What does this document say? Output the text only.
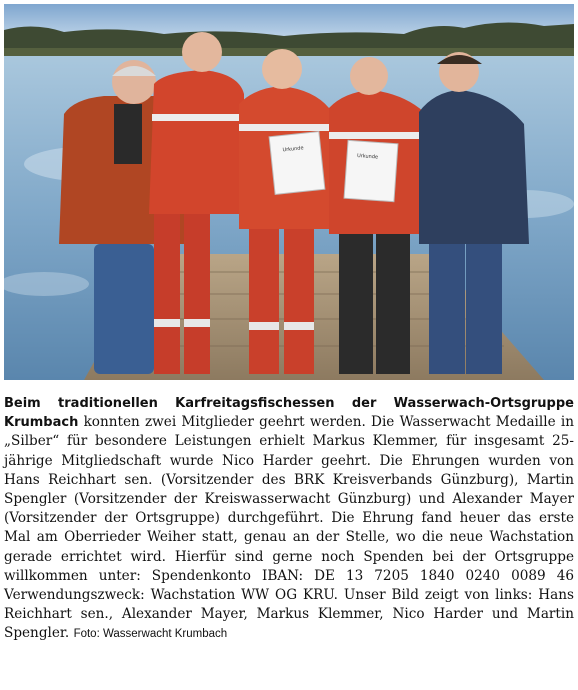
Urkunde
Urkunde
Beim traditionellen Karfreitagsfischessen der Wasserwach-Ortsgruppe Krumbach konnten zwei Mitglieder geehrt werden. Die Wasserwacht Medaille in „Silber“ für besondere Leistungen erhielt Markus Klemmer, für insgesamt 25-jährige Mitgliedschaft wurde Nico Harder geehrt. Die Ehrungen wurden von Hans Reichhart sen. (Vorsitzender des BRK Kreisverbands Günzburg), Martin Spengler (Vorsitzender der Kreiswasserwacht Günzburg) und Alexander Mayer (Vorsitzender der Ortsgruppe) durchgeführt. Die Ehrung fand heuer das erste Mal am Oberrieder Weiher statt, genau an der Stelle, wo die neue Wachstation gerade errichtet wird. Hierfür sind gerne noch Spenden bei der Ortsgruppe willkommen unter: Spendenkonto IBAN: DE 13 7205 1840 0240 0089 46 Verwendungszweck: Wachstation WW OG KRU. Unser Bild zeigt von links: Hans Reichhart sen., Alexander Mayer, Markus Klemmer, Nico Harder und Martin Spengler. Foto: Wasserwacht Krumbach
